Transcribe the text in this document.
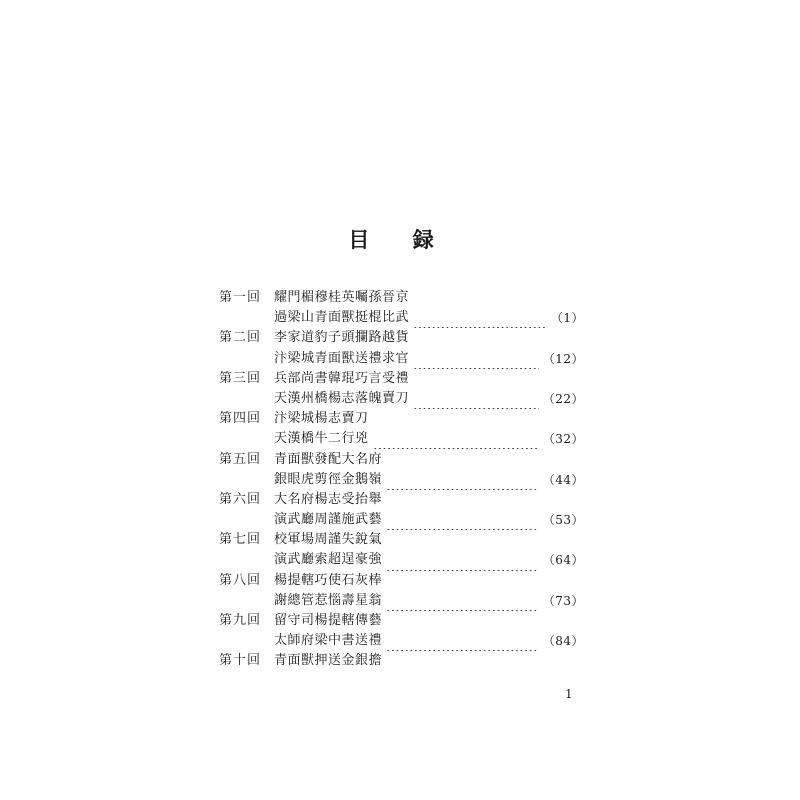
目 録
第一回 耀門楣穆桂英囑孫晉京
過梁山青面獸挺棍比武	（1）
第二回 李家道豹子頭攔路越貨
汴梁城青面獸送禮求官	（12）
第三回 兵部尚書韓琨巧言受禮
天漢州橋楊志落魄賣刀	（22）
第四回 汴梁城楊志賣刀
天漢橋牛二行兇	（32）
第五回 青面獸發配大名府
銀眼虎剪徑金鵝嶺	（44）
第六回 大名府楊志受抬舉
演武廳周謹施武藝	（53）
第七回 校軍場周謹失銳氣
演武廳索超逞豪強	（64）
第八回 楊提轄巧使石灰棒
謝總管惹惱壽星翁	（73）
第九回 留守司楊提轄傳藝
太師府梁中書送禮	（84）
第十回 青面獸押送金銀擔
1
